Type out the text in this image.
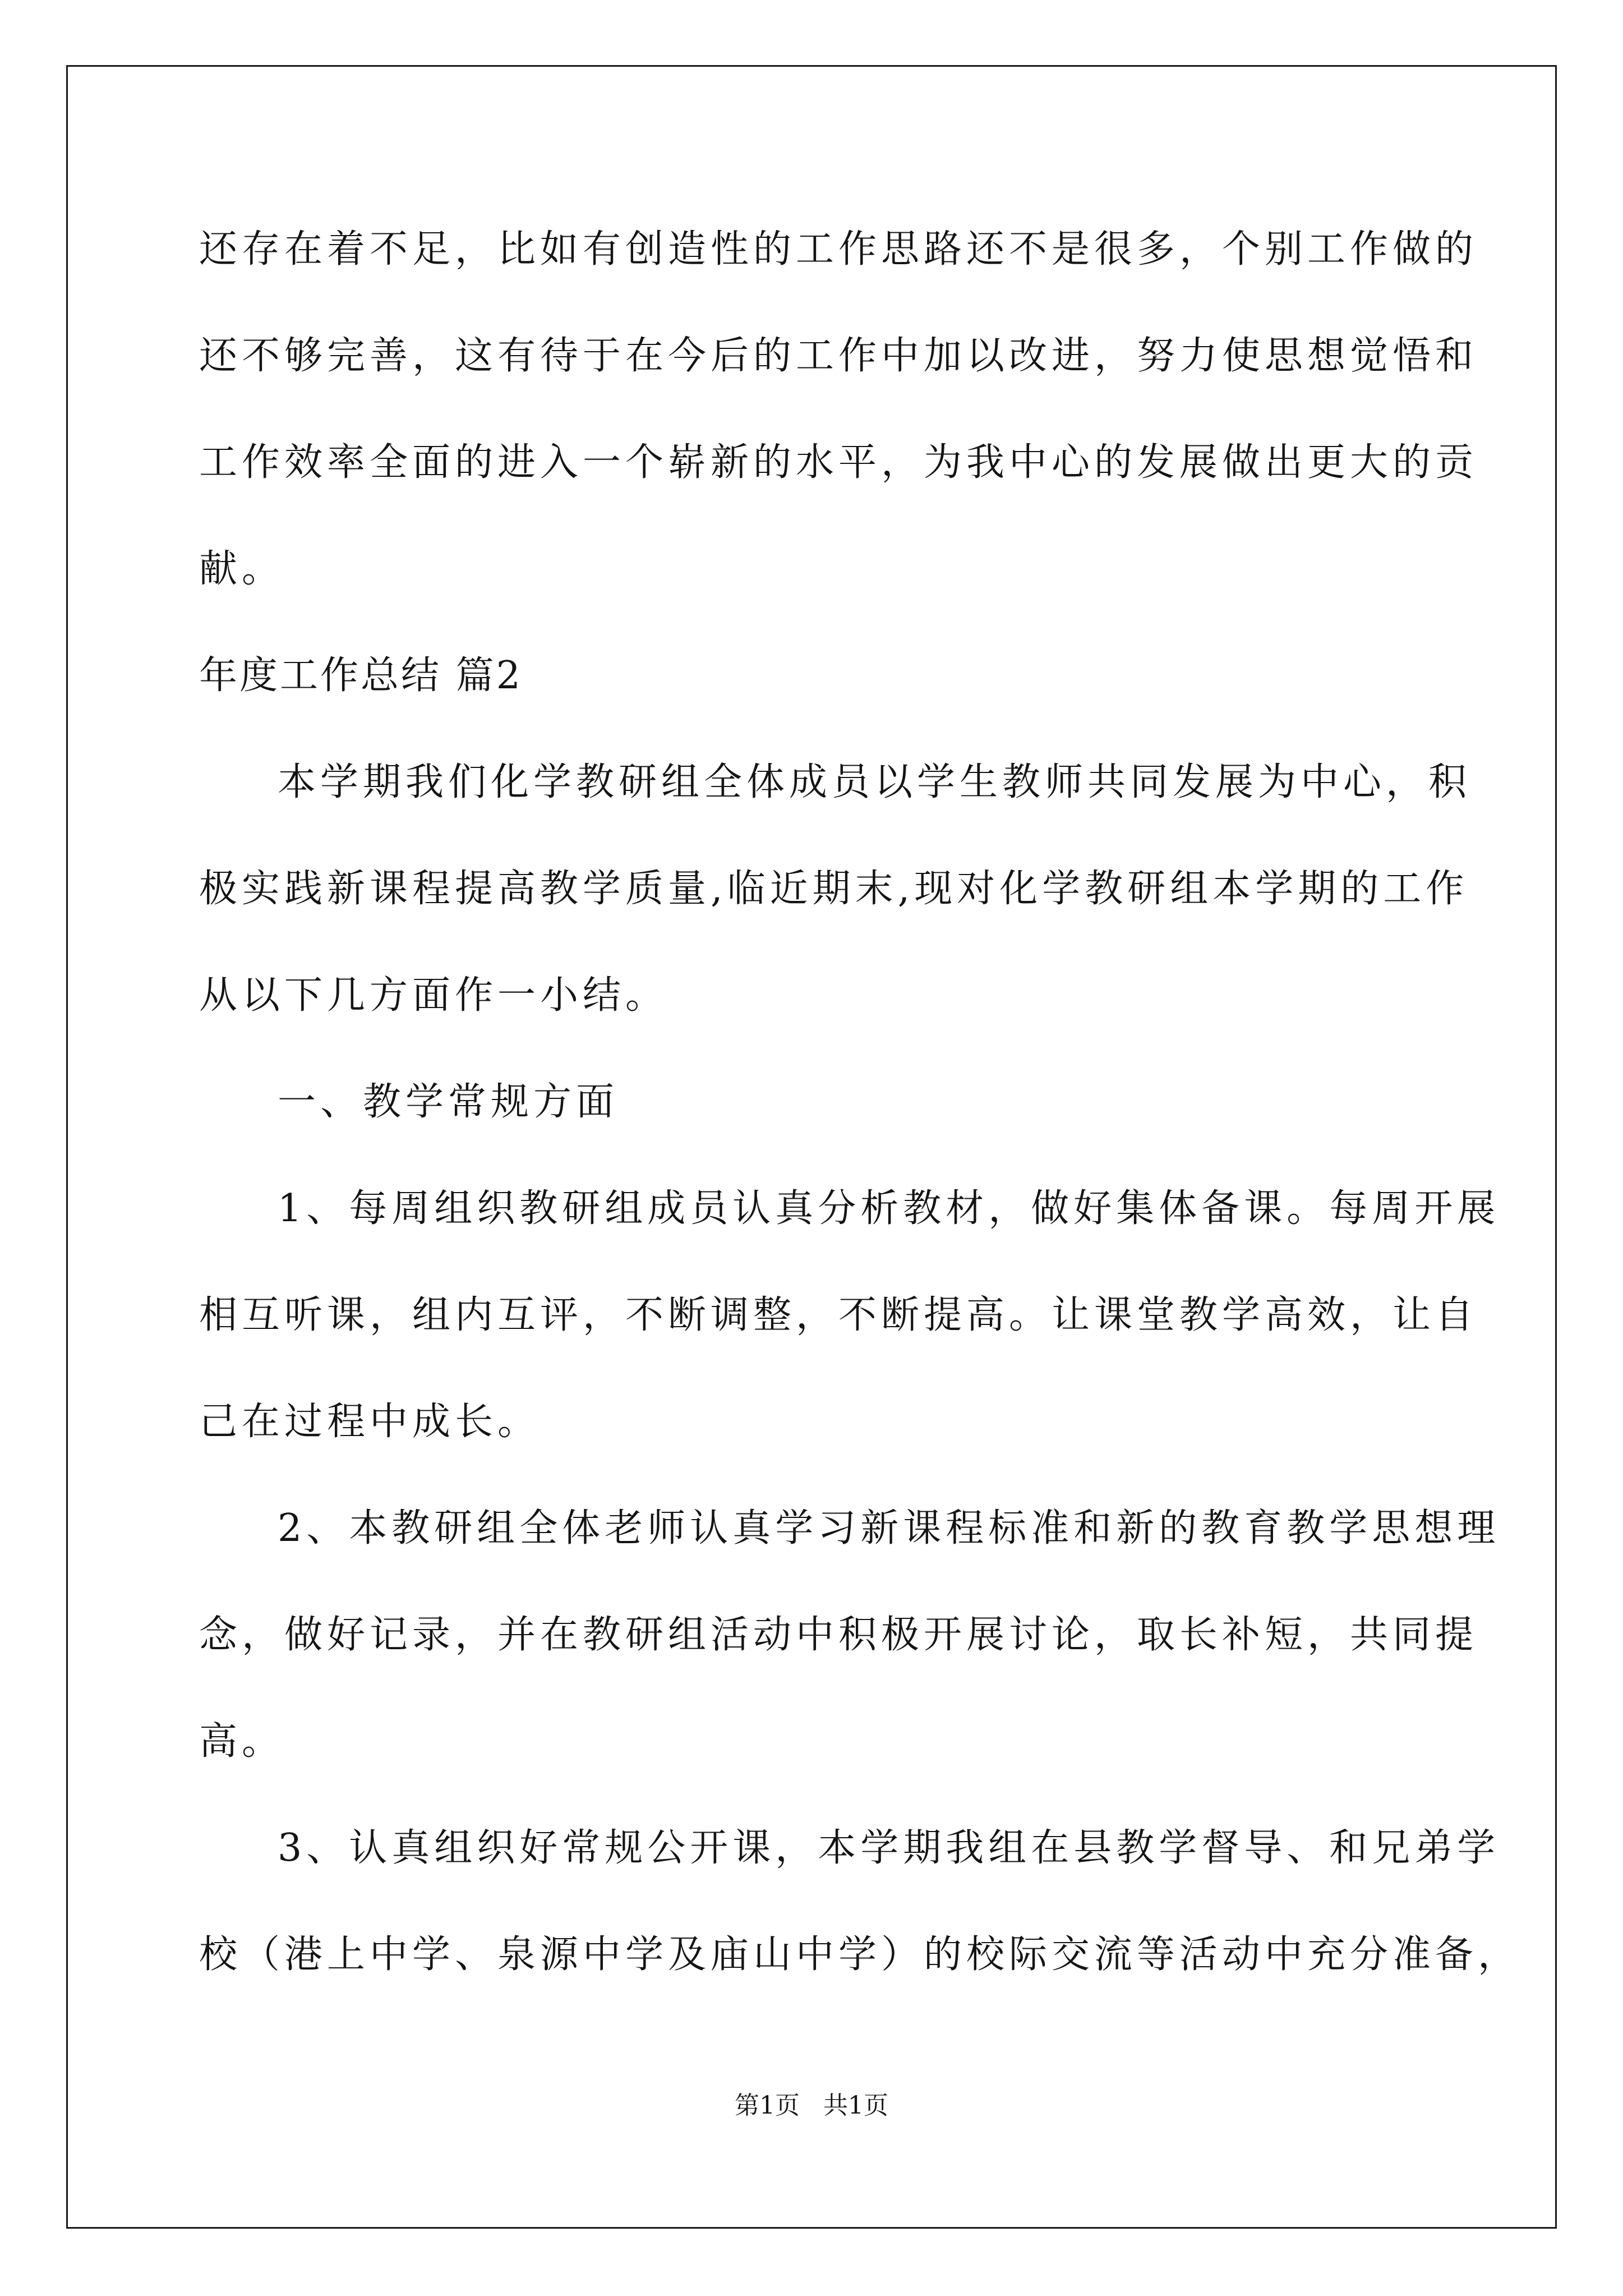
还存在着不足，比如有创造性的工作思路还不是很多，个别工作做的
还不够完善，这有待于在今后的工作中加以改进，努力使思想觉悟和
工作效率全面的进入一个崭新的水平，为我中心的发展做出更大的贡
献。
年度工作总结 篇2
本学期我们化学教研组全体成员以学生教师共同发展为中心，积
极实践新课程提高教学质量,临近期末,现对化学教研组本学期的工作
从以下几方面作一小结。
一、教学常规方面
1、每周组织教研组成员认真分析教材，做好集体备课。每周开展
相互听课，组内互评，不断调整，不断提高。让课堂教学高效，让自
己在过程中成长。
2、本教研组全体老师认真学习新课程标准和新的教育教学思想理
念，做好记录，并在教研组活动中积极开展讨论，取长补短，共同提
高。
3、认真组织好常规公开课，本学期我组在县教学督导、和兄弟学
校（港上中学、泉源中学及庙山中学）的校际交流等活动中充分准备，
第1页   共1页
